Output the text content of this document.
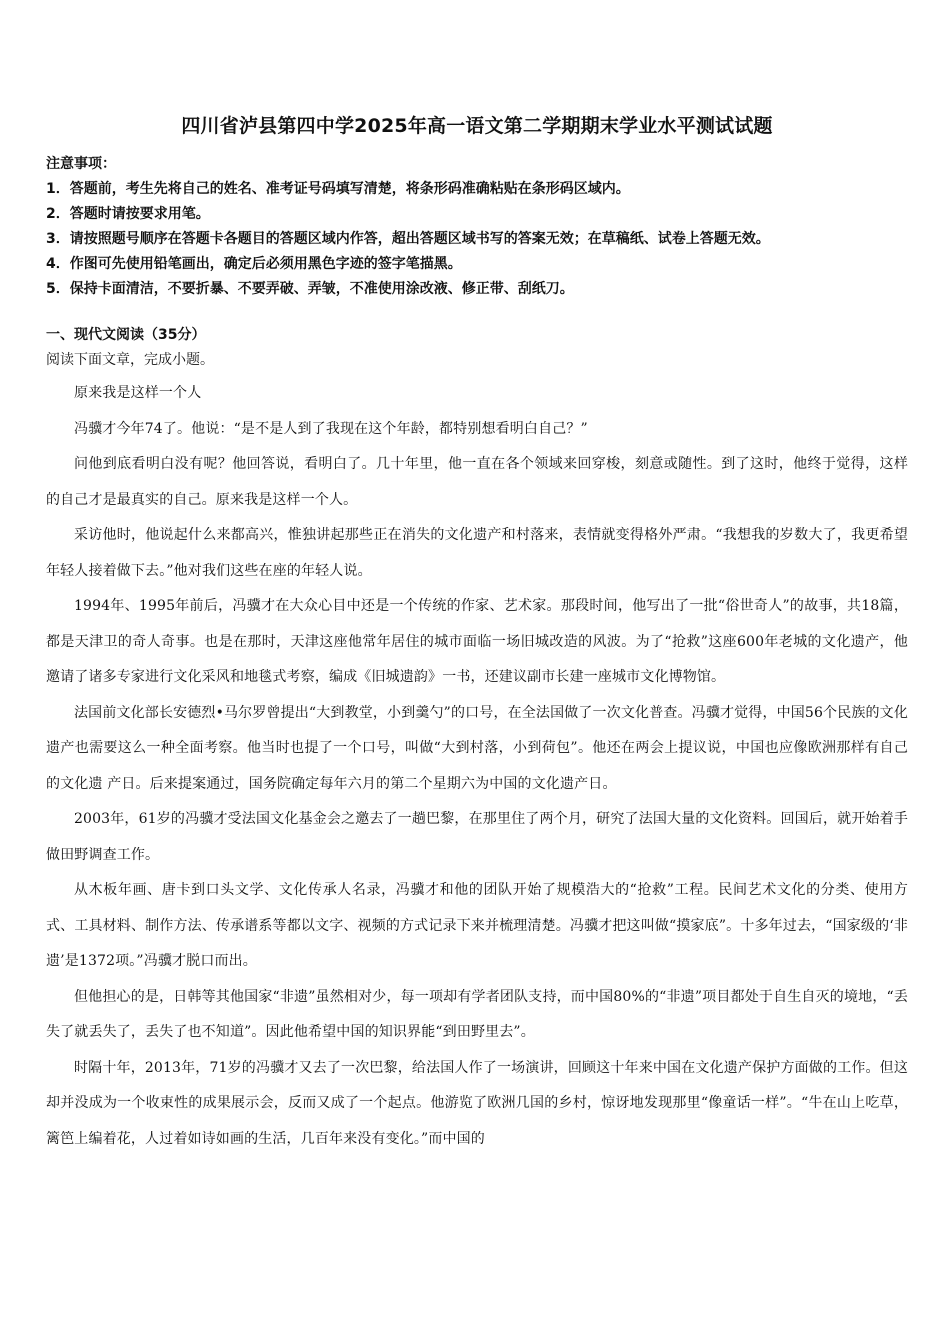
四川省泸县第四中学2025年高一语文第二学期期末学业水平测试试题

注意事项：

1．答题前，考生先将自己的姓名、准考证号码填写清楚，将条形码准确粘贴在条形码区域内。

2．答题时请按要求用笔。

3．请按照题号顺序在答题卡各题目的答题区域内作答，超出答题区域书写的答案无效；在草稿纸、试卷上答题无效。

4．作图可先使用铅笔画出，确定后必须用黑色字迹的签字笔描黑。

5．保持卡面清洁，不要折暴、不要弄破、弄皱，不准使用涂改液、修正带、刮纸刀。

一、现代文阅读（35分）

阅读下面文章，完成小题。

原来我是这样一个人

冯骥才今年74了。他说：“是不是人到了我现在这个年龄，都特别想看明白自己？”

问他到底看明白没有呢？他回答说，看明白了。几十年里，他一直在各个领域来回穿梭，刻意或随性。到了这时，他终于觉得，这样的自己才是最真实的自己。原来我是这样一个人。

采访他时，他说起什么来都高兴，惟独讲起那些正在消失的文化遗产和村落来，表情就变得格外严肃。“我想我的岁数大了，我更希望年轻人接着做下去。”他对我们这些在座的年轻人说。

1994年、1995年前后，冯骥才在大众心目中还是一个传统的作家、艺术家。那段时间，他写出了一批“俗世奇人”的故事，共18篇，都是天津卫的奇人奇事。也是在那时，天津这座他常年居住的城市面临一场旧城改造的风波。为了“抢救”这座600年老城的文化遗产，他邀请了诸多专家进行文化采风和地毯式考察，编成《旧城遗韵》一书，还建议副市长建一座城市文化博物馆。

法国前文化部长安德烈•马尔罗曾提出“大到教堂，小到羹勺”的口号，在全法国做了一次文化普查。冯骥才觉得，中国56个民族的文化遗产也需要这么一种全面考察。他当时也提了一个口号，叫做“大到村落，小到荷包”。他还在两会上提议说，中国也应像欧洲那样有自己的文化遗 产日。后来提案通过，国务院确定每年六月的第二个星期六为中国的文化遗产日。

2003年，61岁的冯骥才受法国文化基金会之邀去了一趟巴黎，在那里住了两个月，研究了法国大量的文化资料。回国后，就开始着手做田野调查工作。

从木板年画、唐卡到口头文学、文化传承人名录，冯骥才和他的团队开始了规模浩大的“抢救”工程。民间艺术文化的分类、使用方式、工具材料、制作方法、传承谱系等都以文字、视频的方式记录下来并梳理清楚。冯骥才把这叫做“摸家底”。十多年过去，“国家级的‘非遗’是1372项。”冯骥才脱口而出。

但他担心的是，日韩等其他国家“非遗”虽然相对少，每一项却有学者团队支持，而中国80%的“非遗”项目都处于自生自灭的境地，“丢失了就丢失了，丢失了也不知道”。因此他希望中国的知识界能“到田野里去”。

时隔十年，2013年，71岁的冯骥才又去了一次巴黎，给法国人作了一场演讲，回顾这十年来中国在文化遗产保护方面做的工作。但这却并没成为一个收束性的成果展示会，反而又成了一个起点。他游览了欧洲几国的乡村，惊讶地发现那里“像童话一样”。“牛在山上吃草，篱笆上编着花，人过着如诗如画的生活，几百年来没有变化。”而中国的
